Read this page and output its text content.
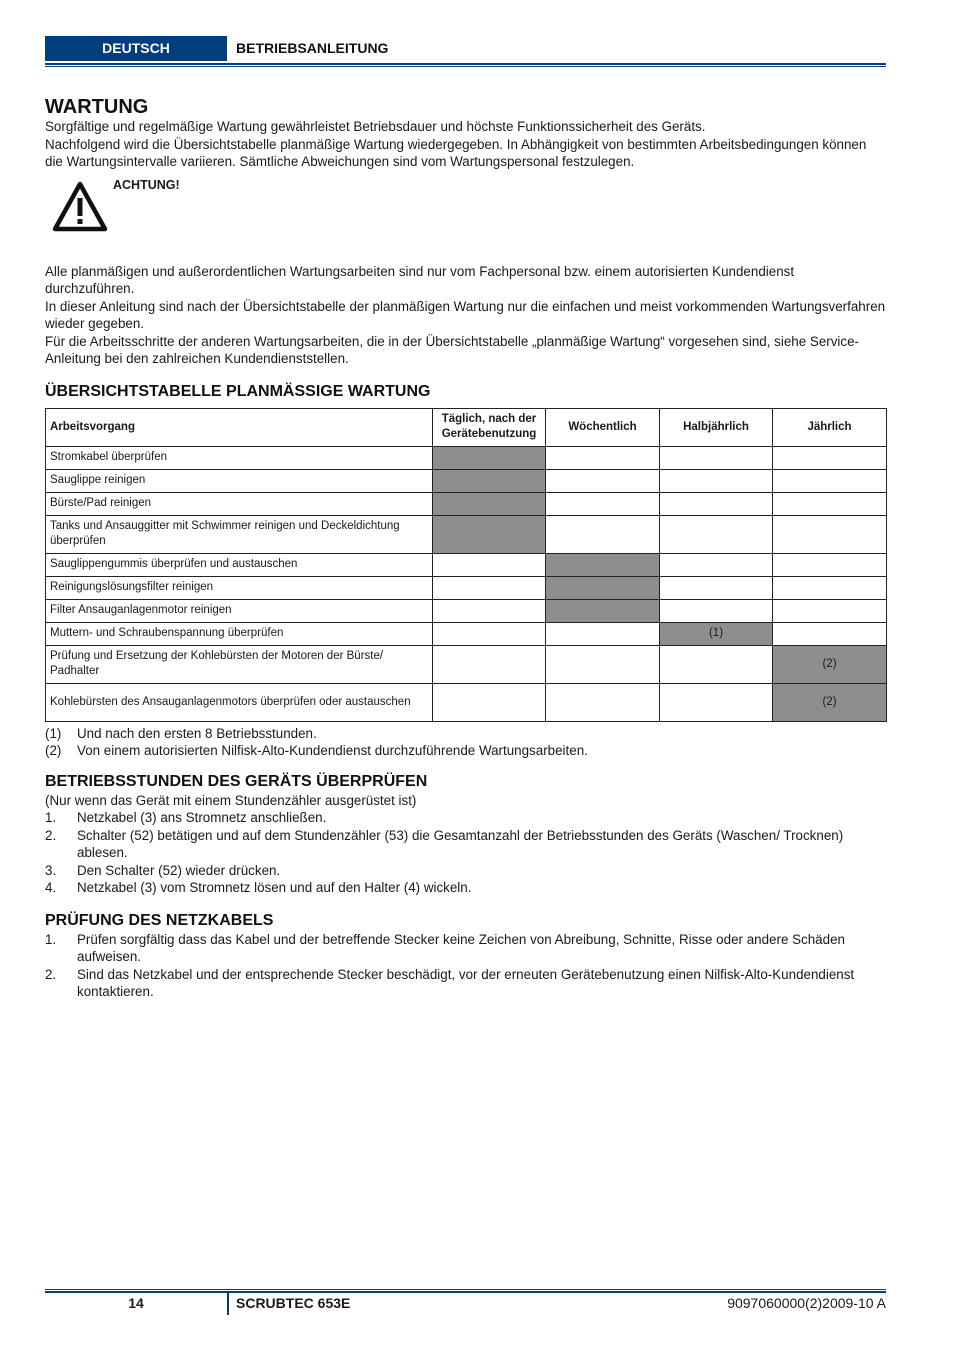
DEUTSCH	BETRIEBSANLEITUNG
WARTUNG

Sorgfältige und regelmäßige Wartung gewährleistet Betriebsdauer und höchste Funktionssicherheit des Geräts.

Nachfolgend wird die Übersichtstabelle planmäßige Wartung wiedergegeben. In Abhängigkeit von bestimmten Arbeitsbedingungen können die Wartungsintervalle variieren. Sämtliche Abweichungen sind vom Wartungspersonal festzulegen.

ACHTUNG!

Alle planmäßigen und außerordentlichen Wartungsarbeiten sind nur vom Fachpersonal bzw. einem autorisierten Kundendienst durchzuführen.

In dieser Anleitung sind nach der Übersichtstabelle der planmäßigen Wartung nur die einfachen und meist vorkommenden Wartungsverfahren wieder gegeben.

Für die Arbeitsschritte der anderen Wartungsarbeiten, die in der Übersichtstabelle „planmäßige Wartung“ vorgesehen sind, siehe Service-Anleitung bei den zahlreichen Kundendienststellen.

ÜBERSICHTSTABELLE PLANMÄSSIGE WARTUNG
Arbeitsvorgang	Täglich, nach der Gerätebenutzung	Wöchentlich	Halbjährlich	Jährlich
Stromkabel überprüfen				
Sauglippe reinigen				
Bürste/Pad reinigen				
Tanks und Ansauggitter mit Schwimmer reinigen und Deckeldichtung überprüfen				
Sauglippengummis überprüfen und austauschen				
Reinigungslösungsfilter reinigen				
Filter Ansauganlagenmotor reinigen				
Muttern- und Schraubenspannung überprüfen			(1)	
Prüfung und Ersetzung der Kohlebürsten der Motoren der Bürste/ Padhalter				(2)
Kohlebürsten des Ansauganlagenmotors überprüfen oder austauschen				(2)
(1) Und nach den ersten 8 Betriebsstunden.
(2) Von einem autorisierten Nilfisk-Alto-Kundendienst durchzuführende Wartungsarbeiten.
BETRIEBSSTUNDEN DES GERÄTS ÜBERPRÜFEN

(Nur wenn das Gerät mit einem Stundenzähler ausgerüstet ist)

1. Netzkabel (3) ans Stromnetz anschließen.
2. Schalter (52) betätigen und auf dem Stundenzähler (53) die Gesamtanzahl der Betriebsstunden des Geräts (Waschen/ Trocknen) ablesen.
3. Den Schalter (52) wieder drücken.
4. Netzkabel (3) vom Stromnetz lösen und auf den Halter (4) wickeln.
PRÜFUNG DES NETZKABELS
1. Prüfen sorgfältig dass das Kabel und der betreffende Stecker keine Zeichen von Abreibung, Schnitte, Risse oder andere Schäden aufweisen.
2. Sind das Netzkabel und der entsprechende Stecker beschädigt, vor der erneuten Gerätebenutzung einen Nilfisk-Alto-Kundendienst kontaktieren.
14	SCRUBTEC 653E	9097060000(2)2009-10 A
